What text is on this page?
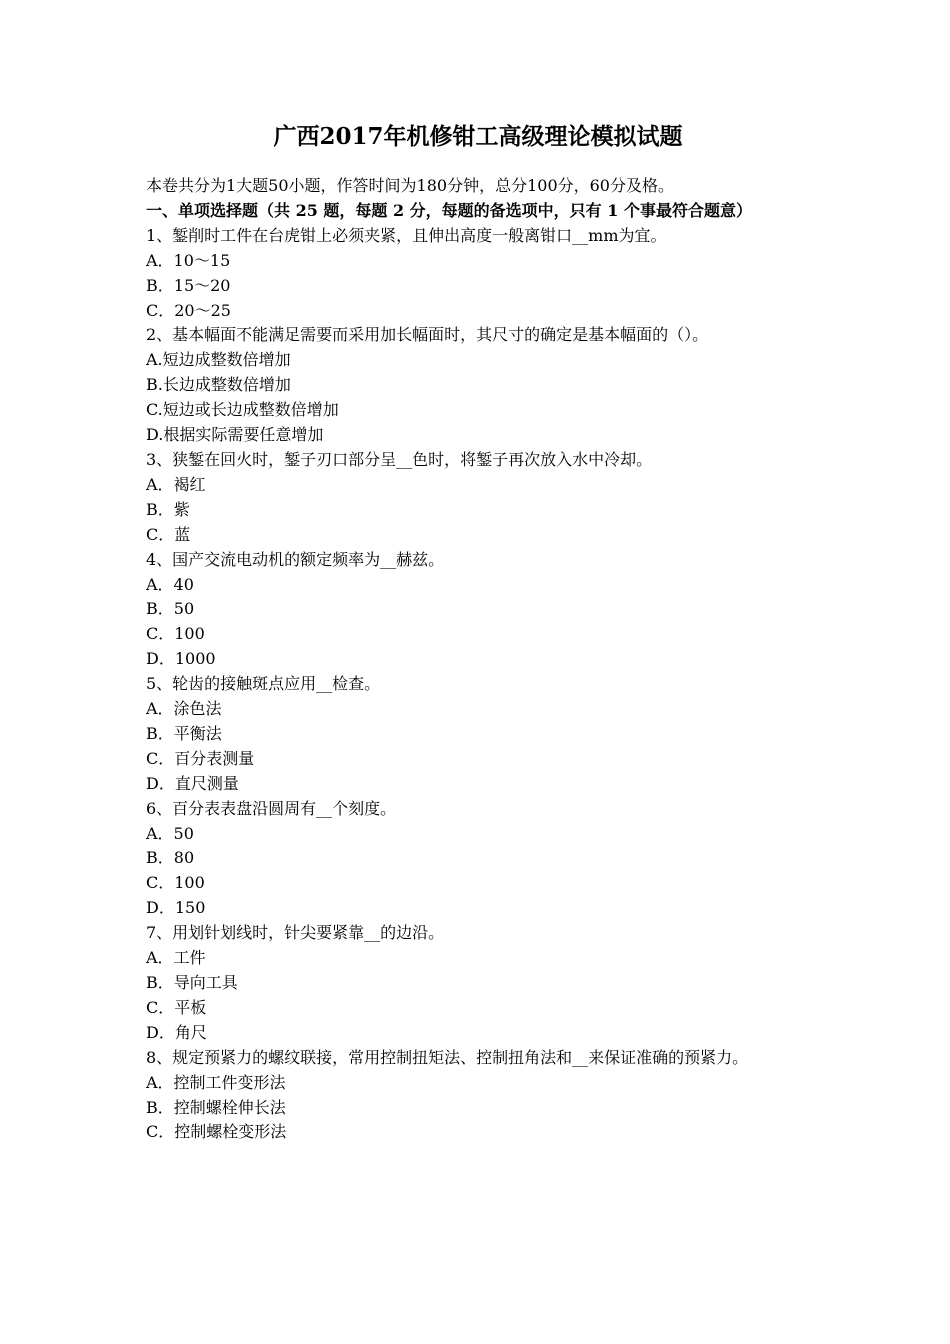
广西2017年机修钳工高级理论模拟试题

本卷共分为1大题50小题，作答时间为180分钟，总分100分，60分及格。

一、单项选择题（共 25 题，每题 2 分，每题的备选项中，只有 1 个事最符合题意）

1、錾削时工件在台虎钳上必须夹紧，且伸出高度一般离钳口__mm为宜。

A．10～15
B．15～20
C．20～25

2、基本幅面不能满足需要而采用加长幅面时，其尺寸的确定是基本幅面的（）。

A.短边成整数倍增加
B.长边成整数倍增加
C.短边或长边成整数倍增加
D.根据实际需要任意增加

3、狭錾在回火时，錾子刃口部分呈__色时，将錾子再次放入水中冷却。

A．褐红
B．紫
C．蓝

4、国产交流电动机的额定频率为__赫兹。

A．40
B．50
C．100
D．1000

5、轮齿的接触斑点应用__检查。

A．涂色法
B．平衡法
C．百分表测量
D．直尺测量

6、百分表表盘沿圆周有__个刻度。

A．50
B．80
C．100
D．150

7、用划针划线时，针尖要紧靠__的边沿。

A．工件
B．导向工具
C．平板
D．角尺

8、规定预紧力的螺纹联接，常用控制扭矩法、控制扭角法和__来保证准确的预紧力。

A．控制工件变形法
B．控制螺栓伸长法
C．控制螺栓变形法
